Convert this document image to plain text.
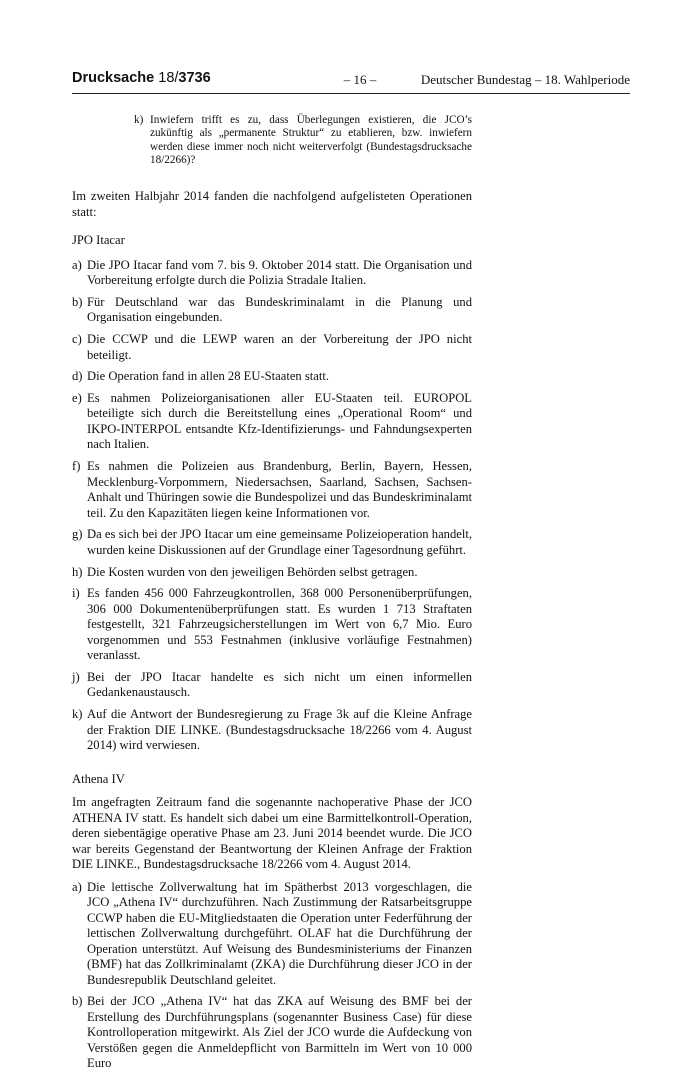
Drucksache 18/3736	– 16 –	Deutscher Bundestag – 18. Wahlperiode
k) Inwiefern trifft es zu, dass Überlegungen existieren, die JCO’s zukünftig als „permanente Struktur“ zu etablieren, bzw. inwiefern werden diese immer noch nicht weiterverfolgt (Bundestagsdrucksache 18/2266)?

Im zweiten Halbjahr 2014 fanden die nachfolgend aufgelisteten Operationen statt:

JPO Itacar
a) Die JPO Itacar fand vom 7. bis 9. Oktober 2014 statt. Die Organisation und Vorbereitung erfolgte durch die Polizia Stradale Italien.
b) Für Deutschland war das Bundeskriminalamt in die Planung und Organisation eingebunden.
c) Die CCWP und die LEWP waren an der Vorbereitung der JPO nicht beteiligt.
d) Die Operation fand in allen 28 EU-Staaten statt.
e) Es nahmen Polizeiorganisationen aller EU-Staaten teil. EUROPOL beteiligte sich durch die Bereitstellung eines „Operational Room“ und IKPO-INTERPOL entsandte Kfz-Identifizierungs- und Fahndungsexperten nach Italien.
f) Es nahmen die Polizeien aus Brandenburg, Berlin, Bayern, Hessen, Mecklenburg-Vorpommern, Niedersachsen, Saarland, Sachsen, Sachsen-Anhalt und Thüringen sowie die Bundespolizei und das Bundeskriminalamt teil. Zu den Kapazitäten liegen keine Informationen vor.
g) Da es sich bei der JPO Itacar um eine gemeinsame Polizeioperation handelt, wurden keine Diskussionen auf der Grundlage einer Tagesordnung geführt.
h) Die Kosten wurden von den jeweiligen Behörden selbst getragen.
i) Es fanden 456 000 Fahrzeugkontrollen, 368 000 Personenüberprüfungen, 306 000 Dokumentenüberprüfungen statt. Es wurden 1 713 Straftaten festgestellt, 321 Fahrzeugsicherstellungen im Wert von 6,7 Mio. Euro vorgenommen und 553 Festnahmen (inklusive vorläufige Festnahmen) veranlasst.
j) Bei der JPO Itacar handelte es sich nicht um einen informellen Gedankenaustausch.
k) Auf die Antwort der Bundesregierung zu Frage 3k auf die Kleine Anfrage der Fraktion DIE LINKE. (Bundestagsdrucksache 18/2266 vom 4. August 2014) wird verwiesen.
Athena IV

Im angefragten Zeitraum fand die sogenannte nachoperative Phase der JCO ATHENA IV statt. Es handelt sich dabei um eine Barmittelkontroll-Operation, deren siebentägige operative Phase am 23. Juni 2014 beendet wurde. Die JCO war bereits Gegenstand der Beantwortung der Kleinen Anfrage der Fraktion DIE LINKE., Bundestagsdrucksache 18/2266 vom 4. August 2014.

a) Die lettische Zollverwaltung hat im Spätherbst 2013 vorgeschlagen, die JCO „Athena IV“ durchzuführen. Nach Zustimmung der Ratsarbeitsgruppe CCWP haben die EU-Mitgliedstaaten die Operation unter Federführung der lettischen Zollverwaltung durchgeführt. OLAF hat die Durchführung der Operation unterstützt. Auf Weisung des Bundesministeriums der Finanzen (BMF) hat das Zollkriminalamt (ZKA) die Durchführung dieser JCO in der Bundesrepublik Deutschland geleitet.
b) Bei der JCO „Athena IV“ hat das ZKA auf Weisung des BMF bei der Erstellung des Durchführungsplans (sogenannter Business Case) für diese Kontrolloperation mitgewirkt. Als Ziel der JCO wurde die Aufdeckung von Verstößen gegen die Anmeldepflicht von Barmitteln im Wert von 10 000 Euro
